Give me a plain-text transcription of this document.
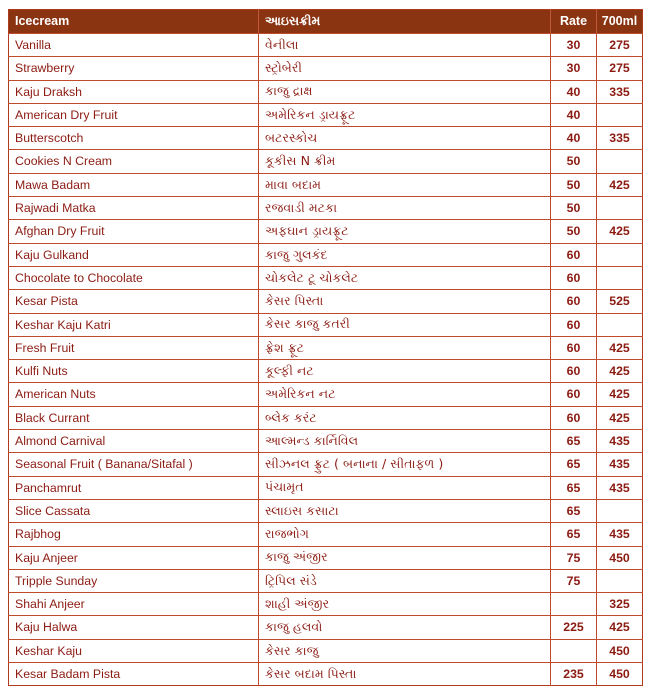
Icecream	આઇસક્રીમ	Rate	700ml
Vanilla	વેનીલા	30	275
Strawberry	સ્ટ્રોબેરી	30	275
Kaju Draksh	કાજુ દ્રાક્ષ	40	335
American Dry Fruit	અમેરિકન ડ્રાયફ્રૂટ	40	
Butterscotch	બટરસ્કોચ	40	335
Cookies N Cream	કૂકીસ N ક્રીમ	50	
Mawa Badam	માવા બદામ	50	425
Rajwadi Matka	રજવાડી મટકા	50	
Afghan Dry Fruit	અફઘાન ડ્રાયફ્રૂટ	50	425
Kaju Gulkand	કાજુ ગુલકંદ	60	
Chocolate to Chocolate	ચોકલેટ ટૂ ચોકલેટ	60	
Kesar Pista	કેસર પિસ્તા	60	525
Keshar Kaju Katri	કેસર કાજુ કતરી	60	
Fresh Fruit	ફ્રેશ ફ્રૂટ	60	425
Kulfi Nuts	કૂલ્ફી નટ	60	425
American Nuts	અમેરિકન નટ	60	425
Black Currant	બ્લેક કરંટ	60	425
Almond Carnival	આલ્મન્ડ કાર્નિવિલ	65	435
Seasonal Fruit ( Banana/Sitafal )	સીઝનલ ફ્રુટ ( બનાના / સીતાફળ )	65	435
Panchamrut	પંચામૃત	65	435
Slice Cassata	સ્લાઇસ કસાટા	65	
Rajbhog	રાજભોગ	65	435
Kaju Anjeer	કાજુ અંજીર	75	450
Tripple Sunday	ટ્રિપિલ સંડે	75	
Shahi Anjeer	શાહી અંજીર		325
Kaju Halwa	કાજુ હલવો	225	425
Keshar Kaju	કેસર કાજુ		450
Kesar Badam Pista	કેસર બદામ પિસ્તા	235	450
